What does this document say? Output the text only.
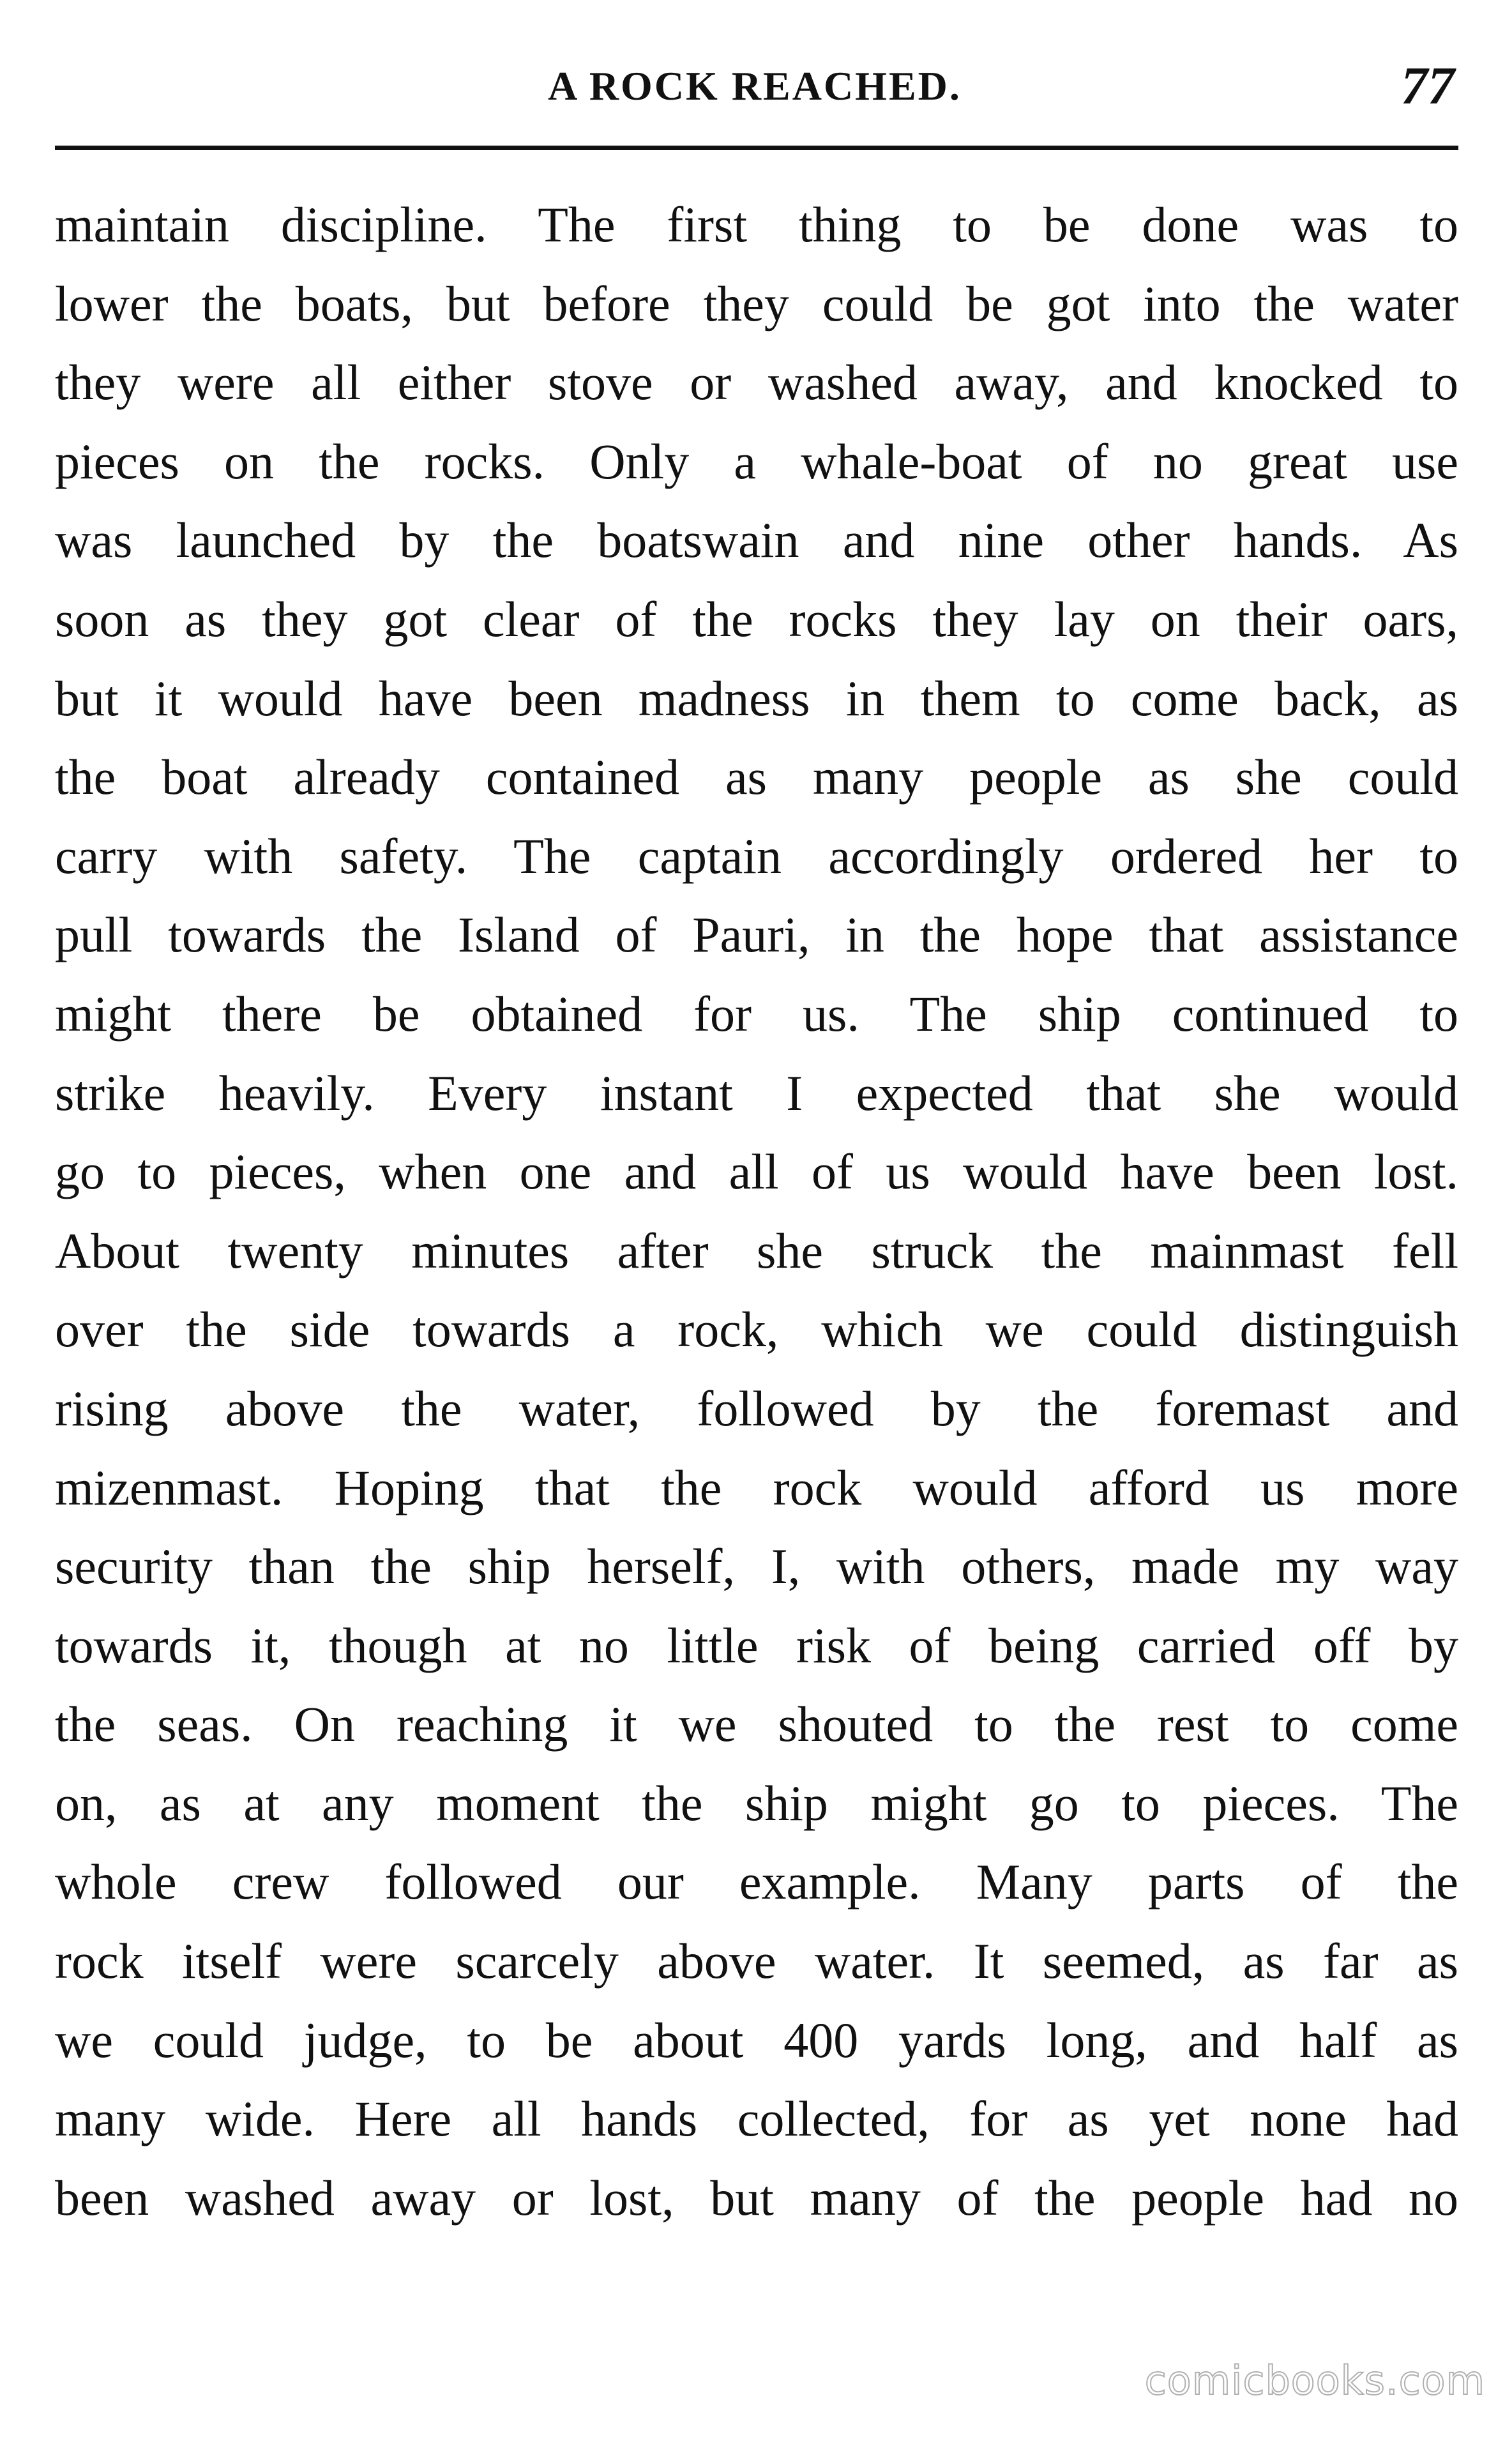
A ROCK REACHED.	77
maintain discipline. The first thing to be done was to
lower the boats, but before they could be got into the water
they were all either stove or washed away, and knocked to
pieces on the rocks. Only a whale-boat of no great use
was launched by the boatswain and nine other hands. As
soon as they got clear of the rocks they lay on their oars,
but it would have been madness in them to come back, as
the boat already contained as many people as she could
carry with safety. The captain accordingly ordered her to
pull towards the Island of Pauri, in the hope that assistance
might there be obtained for us. The ship continued to
strike heavily. Every instant I expected that she would
go to pieces, when one and all of us would have been lost.
About twenty minutes after she struck the mainmast fell
over the side towards a rock, which we could distinguish
rising above the water, followed by the foremast and
mizenmast. Hoping that the rock would afford us more
security than the ship herself, I, with others, made my way
towards it, though at no little risk of being carried off by
the seas. On reaching it we shouted to the rest to come
on, as at any moment the ship might go to pieces. The
whole crew followed our example. Many parts of the
rock itself were scarcely above water. It seemed, as far as
we could judge, to be about 400 yards long, and half as
many wide. Here all hands collected, for as yet none had
been washed away or lost, but many of the people had no
comicbooks.com
